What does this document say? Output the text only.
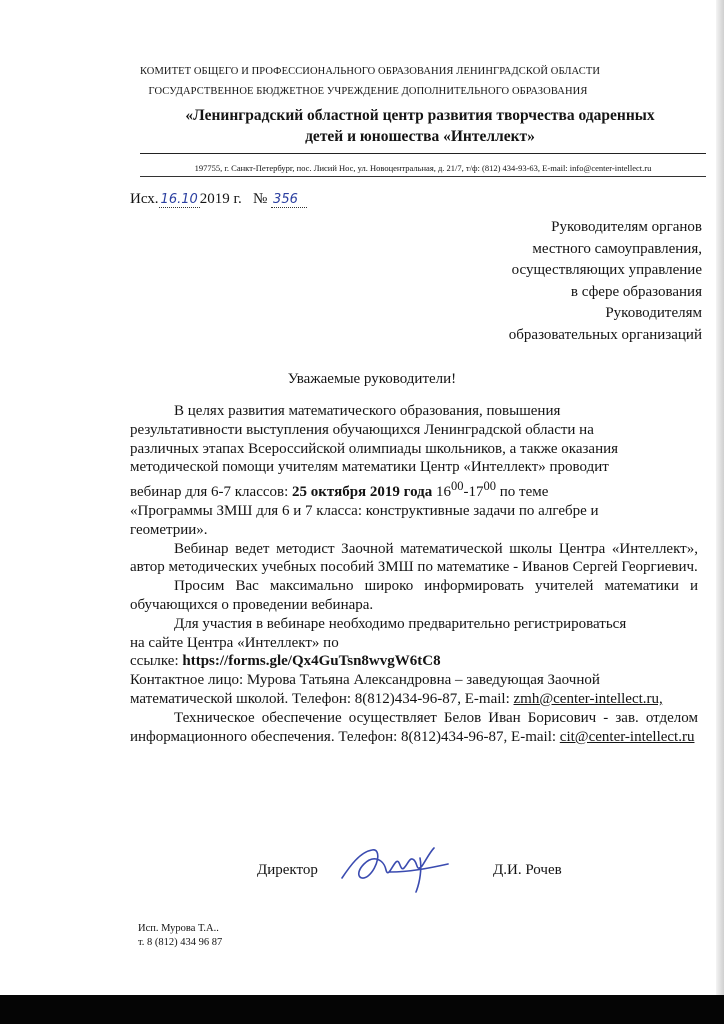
КОМИТЕТ ОБЩЕГО И ПРОФЕССИОНАЛЬНОГО ОБРАЗОВАНИЯ ЛЕНИНГРАДСКОЙ ОБЛАСТИ
ГОСУДАРСТВЕННОЕ БЮДЖЕТНОЕ УЧРЕЖДЕНИЕ ДОПОЛНИТЕЛЬНОГО ОБРАЗОВАНИЯ
«Ленинградский областной центр развития творчества одаренных
детей и юношества «Интеллект»
197755, г. Санкт-Петербург, пос. Лисий Нос, ул. Новоцентральная, д. 21/7, т/ф: (812) 434-93-63, E-mail: info@center-intellect.ru
Исх. 16.10 2019 г. № 356
Руководителям органов
местного самоуправления,
осуществляющих управление
в сфере образования
Руководителям
образовательных организаций
Уважаемые руководители!

В целях развития математического образования, повышения

результативности выступления обучающихся Ленинградской области на

различных этапах Всероссийской олимпиады школьников, а также оказания

методической помощи учителям математики Центр «Интеллект» проводит

вебинар для 6-7 классов: 25 октября 2019 года $16^{00}-17^{00}$ по теме

«Программы ЗМШ для 6 и 7 класса: конструктивные задачи по алгебре и

геометрии».

Вебинар ведет методист Заочной математической школы Центра «Интеллект», автор методических учебных пособий ЗМШ по математике - Иванов Сергей Георгиевич.

Просим Вас максимально широко информировать учителей математики и обучающихся о проведении вебинара.

Для участия в вебинаре необходимо предварительно регистрироваться

на сайте Центра «Интеллект» по

ссылке: https://forms.gle/Qx4GuTsn8wvgW6tC8

Контактное лицо: Мурова Татьяна Александровна – заведующая Заочной математической школой. Телефон: 8(812)434-96-87, E-mail: zmh@center-intellect.ru,

Техническое обеспечение осуществляет Белов Иван Борисович - зав. отделом информационного обеспечения. Телефон: 8(812)434-96-87, E-mail: cit@center-intellect.ru

Директор	Д.И. Рочев
Исп. Мурова Т.А..
т. 8 (812) 434 96 87
